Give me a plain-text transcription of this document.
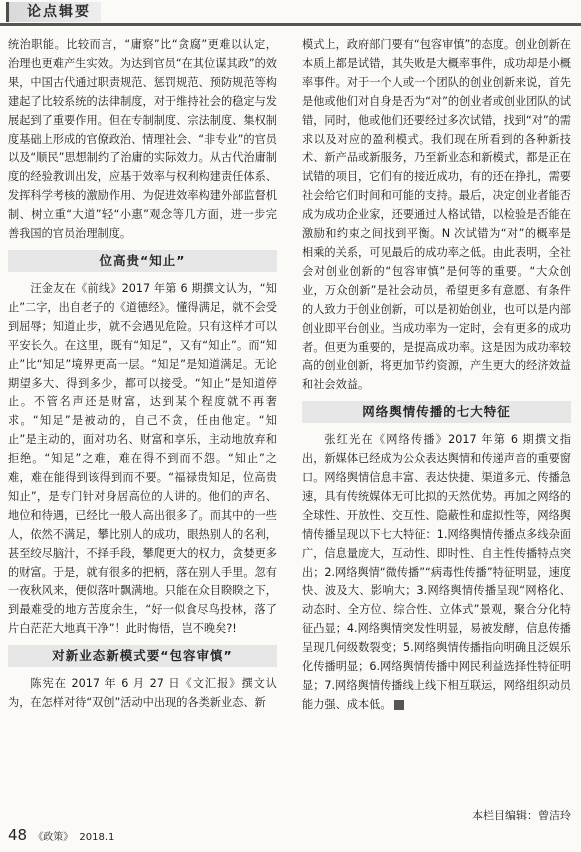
论点辑要

统治职能。比较而言，“庸察”比“贪腐”更难以认定，治理也更难产生实效。为达到官员“在其位谋其政”的效果，中国古代通过职责规范、惩罚规范、预防规范等构建起了比较系统的法律制度，对于维持社会的稳定与发展起到了重要作用。但在专制制度、宗法制度、集权制度基础上形成的官僚政治、情理社会、“非专业”的官员以及“顺民”思想制约了治庸的实际效力。从古代治庸制度的经验教训出发，应基于效率与权利构建责任体系、发挥科学考核的激励作用、为促进效率构建外部监督机制、树立重“大道”轻“小惠”观念等几方面，进一步完善我国的官员治理制度。

位高贵“知止”

汪金友在《前线》2017 年第 6 期撰文认为，“知止”二字，出自老子的《道德经》。懂得满足，就不会受到屈辱；知道止步，就不会遇见危险。只有这样才可以平安长久。在这里，既有“知足”，又有“知止”。而“知止”比“知足”境界更高一层。“知足”是知道满足。无论期望多大、得到多少，都可以接受。“知止”是知道停止。不管名声还是财富，达到某个程度就不再奢求。“知足”是被动的，自己不贪，任由他定。“知止”是主动的，面对功名、财富和享乐，主动地放弃和拒绝。“知足”之难，难在得不到而不怨。“知止”之难，难在能得到该得到而不要。“福禄贵知足，位高贵知止”，是专门针对身居高位的人讲的。他们的声名、地位和待遇，已经比一般人高出很多了。而其中的一些人，依然不满足，攀比别人的成功，眼热别人的名利，甚至绞尽脑汁，不择手段，攀爬更大的权力，贪婪更多的财富。于是，就有很多的把柄，落在别人手里。忽有一夜秋风来，便似落叶飘满地。只能在众目睽睽之下，到最难受的地方苦度余生，“好一似食尽鸟投林，落了片白茫茫大地真干净”！此时悔悟，岂不晚矣?!

对新业态新模式要“包容审慎”

陈宪在 2017 年 6 月 27 日《文汇报》撰文认为，在怎样对待“双创”活动中出现的各类新业态、新

模式上，政府部门要有“包容审慎”的态度。创业创新在本质上都是试错，其失败是大概率事件，成功却是小概率事件。对于一个人或一个团队的创业创新来说，首先是他或他们对自身是否为“对”的创业者或创业团队的试错，同时，他或他们还要经过多次试错，找到“对”的需求以及对应的盈利模式。我们现在所看到的各种新技术、新产品或新服务，乃至新业态和新模式，都是正在试错的项目，它们有的接近成功，有的还在挣扎，需要社会给它们时间和可能的支持。最后，决定创业者能否成为成功企业家，还要通过人格试错，以检验是否能在激励和约束之间找到平衡。N 次试错为“对”的概率是相乘的关系，可见最后的成功率之低。由此表明，全社会对创业创新的“包容审慎”是何等的重要。“大众创业，万众创新”是社会动员，希望更多有意愿、有条件的人致力于创业创新，可以是初始创业，也可以是内部创业即平台创业。当成功率为一定时，会有更多的成功者。但更为重要的，是提高成功率。这是因为成功率较高的创业创新，将更加节约资源，产生更大的经济效益和社会效益。

网络舆情传播的七大特征

张红光在《网络传播》2017 年第 6 期撰文指出，新媒体已经成为公众表达舆情和传递声音的重要窗口。网络舆情信息丰富、表达快捷、渠道多元、传播急速，具有传统媒体无可比拟的天然优势。再加之网络的全球性、开放性、交互性、隐蔽性和虚拟性等，网络舆情传播呈现以下七大特征：1.网络舆情传播点多线杂面广，信息量庞大，互动性、即时性、自主性传播特点突出；2.网络舆情“微传播”“病毒性传播”特征明显，速度快、波及大、影响大；3.网络舆情传播呈现“网格化、动态时、全方位、综合性、立体式”景观，聚合分化特征凸显；4.网络舆情突发性明显，易被发酵，信息传播呈现几何级数裂变；5.网络舆情传播指向明确且泛娱乐化传播明显；6.网络舆情传播中网民利益选择性特征明显；7.网络舆情传播线上线下相互联运，网络组织动员能力强、成本低。	S

本栏目编辑：曾洁玲
48 《政策》 2018.1
